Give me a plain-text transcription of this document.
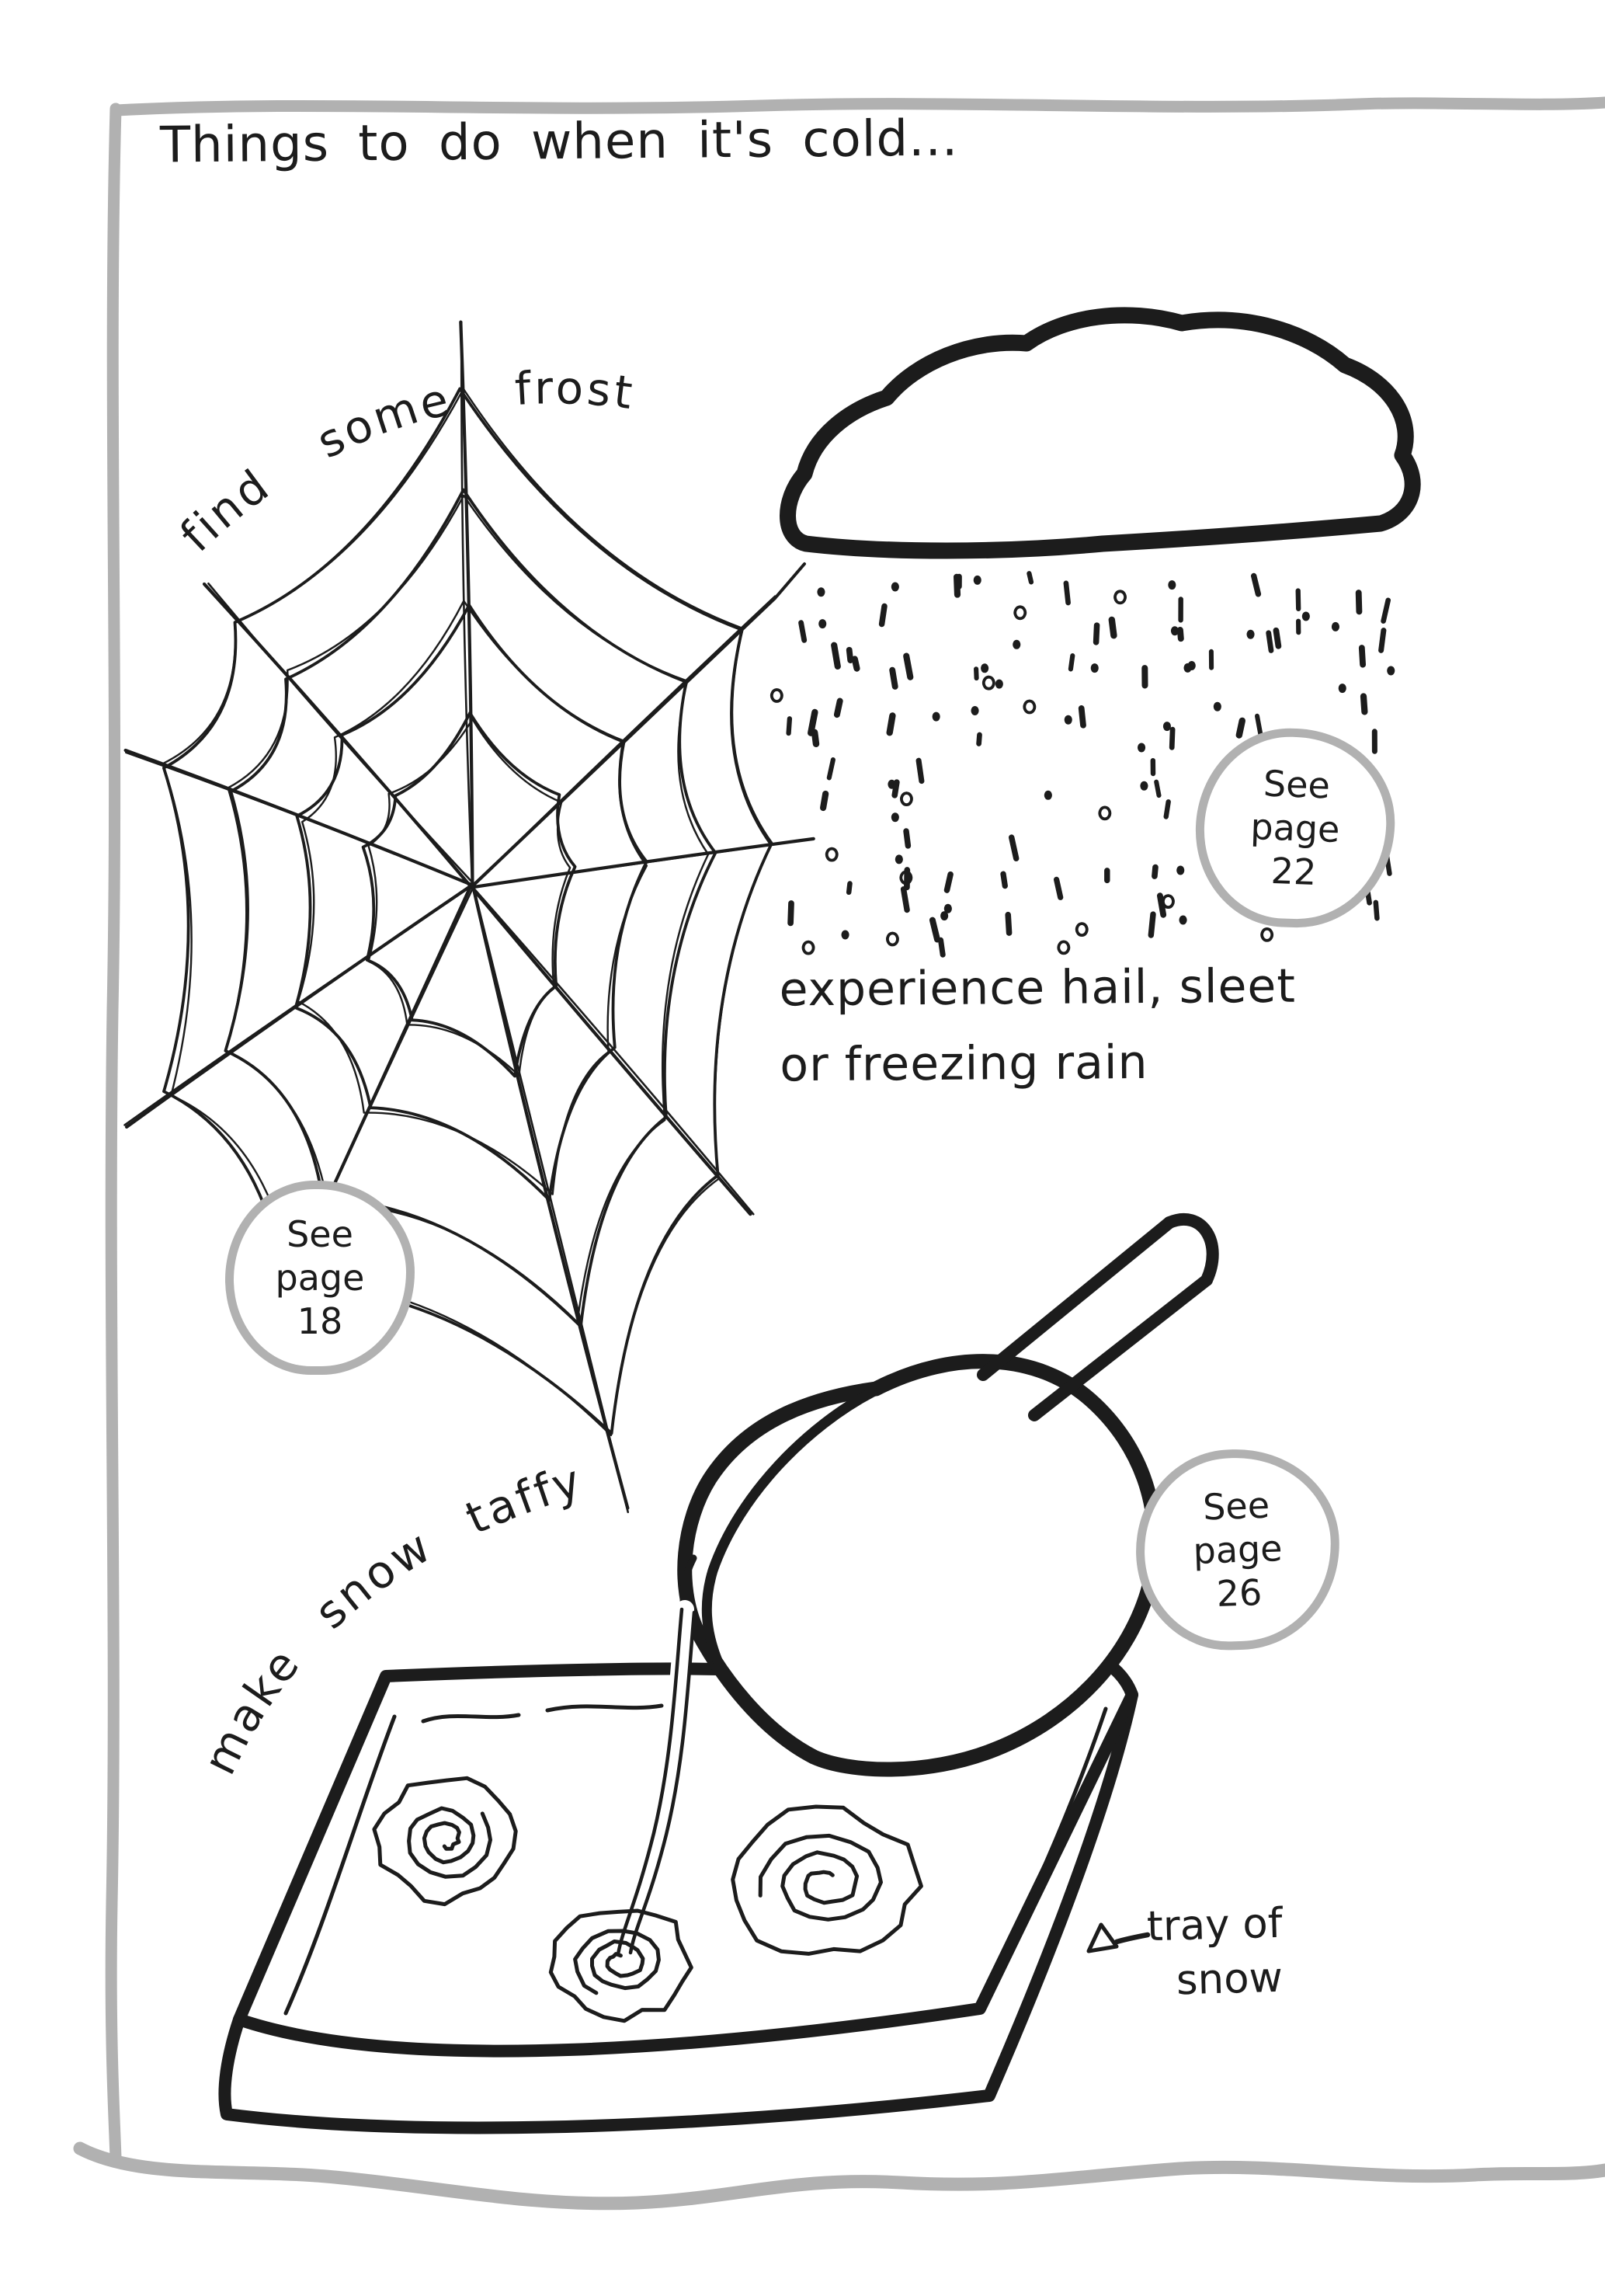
find some frost
make snow taffy
Things to do when it's cold...
experience hail, sleet
or freezing rain
See
page
18
See
page
22
See
page
26
tray of
snow
